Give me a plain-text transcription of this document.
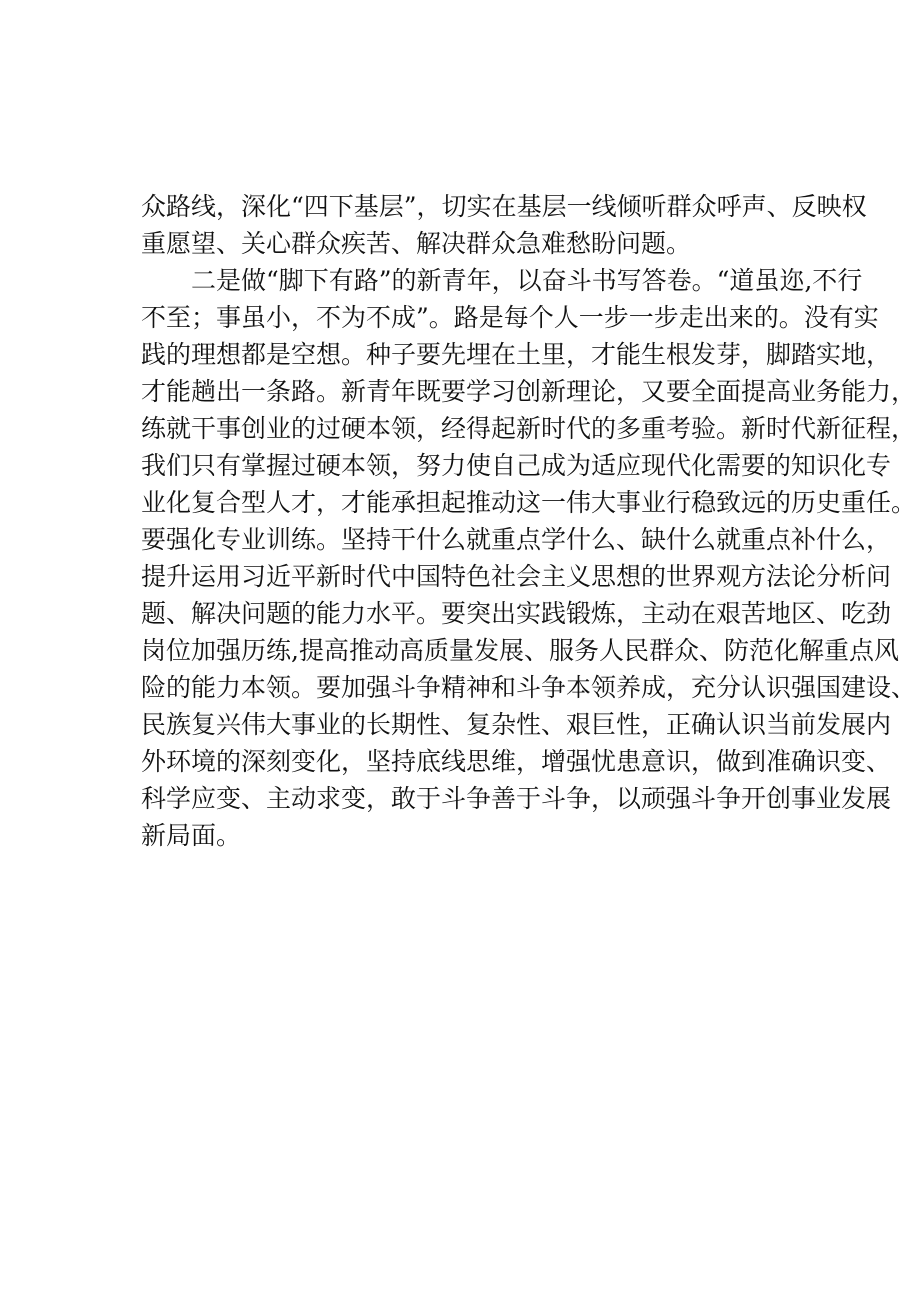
众路线，深化“四下基层”，切实在基层一线倾听群众呼声、反映权
重愿望、关心群众疾苦、解决群众急难愁盼问题。
　　二是做“脚下有路”的新青年，以奋斗书写答卷。“道虽迩,不行
不至；事虽小，不为不成”。路是每个人一步一步走出来的。没有实
践的理想都是空想。种子要先埋在土里，才能生根发芽，脚踏实地，
才能趟出一条路。新青年既要学习创新理论，又要全面提高业务能力，
练就干事创业的过硬本领，经得起新时代的多重考验。新时代新征程，
我们只有掌握过硬本领，努力使自己成为适应现代化需要的知识化专
业化复合型人才，才能承担起推动这一伟大事业行稳致远的历史重任。
要强化专业训练。坚持干什么就重点学什么、缺什么就重点补什么，
提升运用习近平新时代中国特色社会主义思想的世界观方法论分析问
题、解决问题的能力水平。要突出实践锻炼，主动在艰苦地区、吃劲
岗位加强历练,提高推动高质量发展、服务人民群众、防范化解重点风
险的能力本领。要加强斗争精神和斗争本领养成，充分认识强国建设、
民族复兴伟大事业的长期性、复杂性、艰巨性，正确认识当前发展内
外环境的深刻变化，坚持底线思维，增强忧患意识，做到准确识变、
科学应变、主动求变，敢于斗争善于斗争，以顽强斗争开创事业发展
新局面。
